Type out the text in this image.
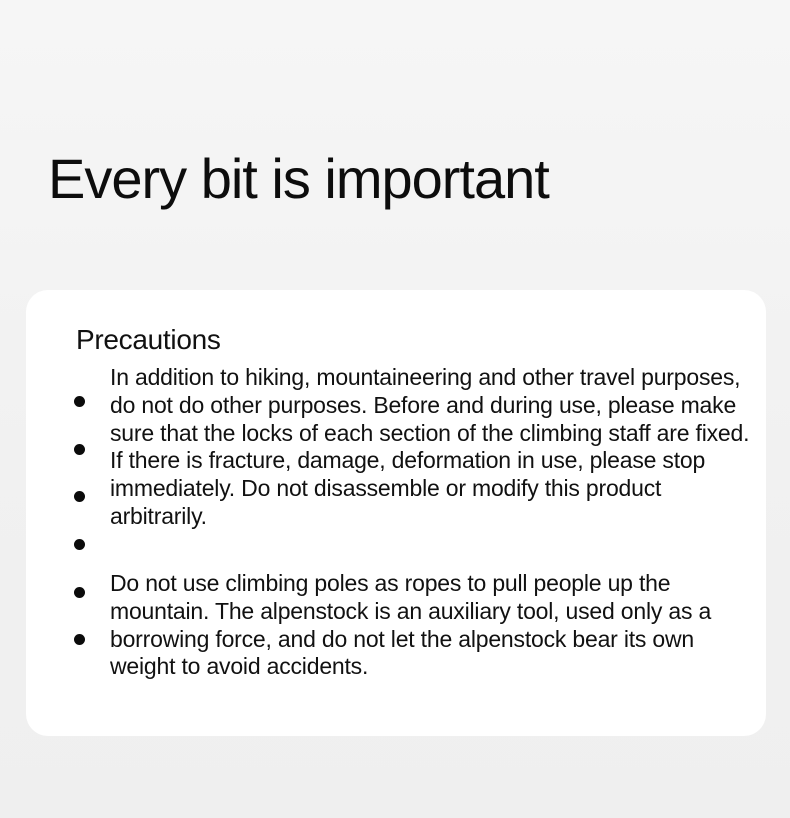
Every bit is important
Precautions

In addition to hiking, mountaineering and other travel purposes, do not do other purposes. Before and during use, please make sure that the locks of each section of the climbing staff are fixed. If there is fracture, damage, deformation in use, please stop immediately. Do not disassemble or modify this product arbitrarily.

Do not use climbing poles as ropes to pull people up the mountain. The alpenstock is an auxiliary tool, used only as a borrowing force, and do not let the alpenstock bear its own weight to avoid accidents.
